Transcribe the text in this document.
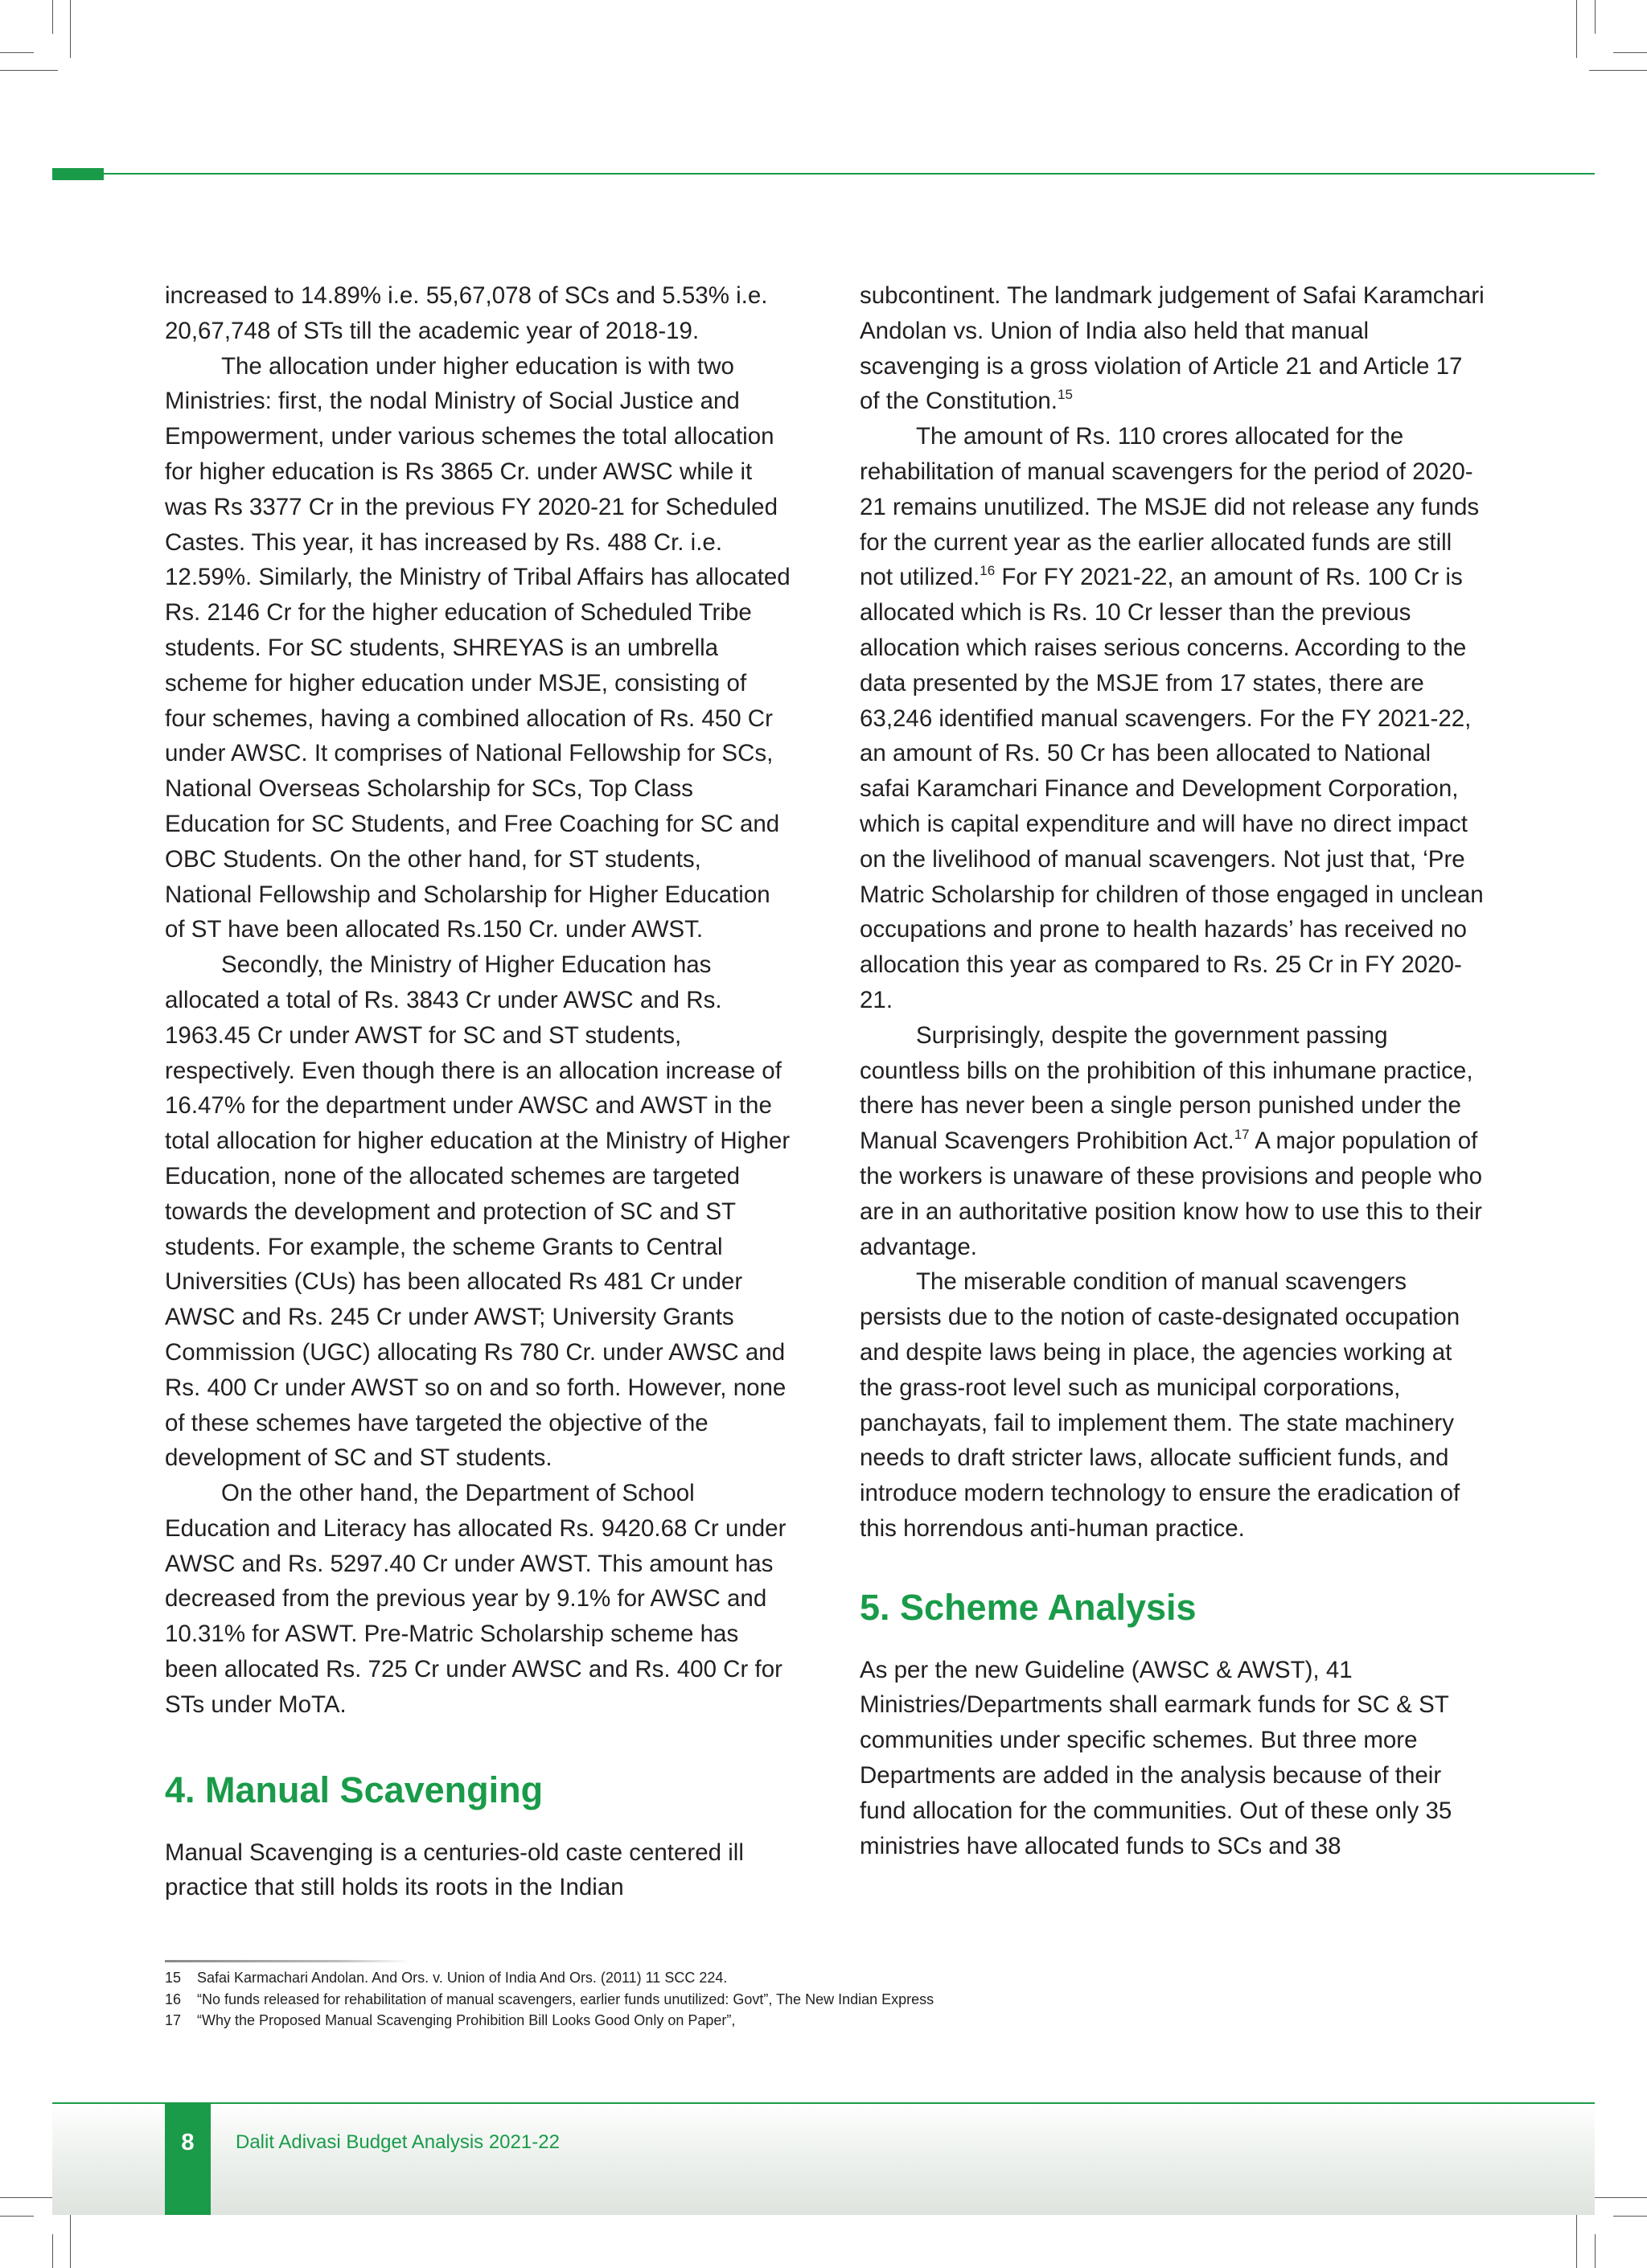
increased to 14.89% i.e. 55,67,078 of SCs and 5.53% i.e. 20,67,748 of STs till the academic year of 2018-19.

The allocation under higher education is with two Ministries: first, the nodal Ministry of Social Justice and Empowerment, under various schemes the total allocation for higher education is Rs 3865 Cr. under AWSC while it was Rs 3377 Cr in the previous FY 2020-21 for Scheduled Castes. This year, it has increased by Rs. 488 Cr. i.e. 12.59%. Similarly, the Ministry of Tribal Affairs has allocated Rs. 2146 Cr for the higher education of Scheduled Tribe students. For SC students, SHREYAS is an umbrella scheme for higher education under MSJE, consisting of four schemes, having a combined allocation of Rs. 450 Cr under AWSC. It comprises of National Fellowship for SCs, National Overseas Scholarship for SCs, Top Class Education for SC Students, and Free Coaching for SC and OBC Students. On the other hand, for ST students, National Fellowship and Scholarship for Higher Education of ST have been allocated Rs.150 Cr. under AWST.

Secondly, the Ministry of Higher Education has allocated a total of Rs. 3843 Cr under AWSC and Rs. 1963.45 Cr under AWST for SC and ST students, respectively. Even though there is an allocation increase of 16.47% for the department under AWSC and AWST in the total allocation for higher education at the Ministry of Higher Education, none of the allocated schemes are targeted towards the development and protection of SC and ST students. For example, the scheme Grants to Central Universities (CUs) has been allocated Rs 481 Cr under AWSC and Rs. 245 Cr under AWST; University Grants Commission (UGC) allocating Rs 780 Cr. under AWSC and Rs. 400 Cr under AWST so on and so forth. However, none of these schemes have targeted the objective of the development of SC and ST students.

On the other hand, the Department of School Education and Literacy has allocated Rs. 9420.68 Cr under AWSC and Rs. 5297.40 Cr under AWST. This amount has decreased from the previous year by 9.1% for AWSC and 10.31% for ASWT. Pre-Matric Scholarship scheme has been allocated Rs. 725 Cr under AWSC and Rs. 400 Cr for STs under MoTA.

4. Manual Scavenging

Manual Scavenging is a centuries-old caste centered ill practice that still holds its roots in the Indian

subcontinent. The landmark judgement of Safai Karamchari Andolan vs. Union of India also held that manual scavenging is a gross violation of Article 21 and Article 17 of the Constitution.$^{15}$

The amount of Rs. 110 crores allocated for the rehabilitation of manual scavengers for the period of 2020-21 remains unutilized. The MSJE did not release any funds for the current year as the earlier allocated funds are still not utilized.$^{16}$ For FY 2021-22, an amount of Rs. 100 Cr is allocated which is Rs. 10 Cr lesser than the previous allocation which raises serious concerns. According to the data presented by the MSJE from 17 states, there are 63,246 identified manual scavengers. For the FY 2021-22, an amount of Rs. 50 Cr has been allocated to National safai Karamchari Finance and Development Corporation, which is capital expenditure and will have no direct impact on the livelihood of manual scavengers. Not just that, ‘Pre Matric Scholarship for children of those engaged in unclean occupations and prone to health hazards’ has received no allocation this year as compared to Rs. 25 Cr in FY 2020-21.

Surprisingly, despite the government passing countless bills on the prohibition of this inhumane practice, there has never been a single person punished under the Manual Scavengers Prohibition Act.$^{17}$ A major population of the workers is unaware of these provisions and people who are in an authoritative position know how to use this to their advantage.

The miserable condition of manual scavengers persists due to the notion of caste-designated occupation and despite laws being in place, the agencies working at the grass-root level such as municipal corporations, panchayats, fail to implement them. The state machinery needs to draft stricter laws, allocate sufficient funds, and introduce modern technology to ensure the eradication of this horrendous anti-human practice.

5. Scheme Analysis

As per the new Guideline (AWSC & AWST), 41 Ministries/Departments shall earmark funds for SC & ST communities under specific schemes. But three more Departments are added in the analysis because of their fund allocation for the communities. Out of these only 35 ministries have allocated funds to SCs and 38

15 Safai Karmachari Andolan. And Ors. v. Union of India And Ors. (2011) 11 SCC 224.
16 “No funds released for rehabilitation of manual scavengers, earlier funds unutilized: Govt”, The New Indian Express
17 “Why the Proposed Manual Scavenging Prohibition Bill Looks Good Only on Paper”,
8	Dalit Adivasi Budget Analysis 2021-22
